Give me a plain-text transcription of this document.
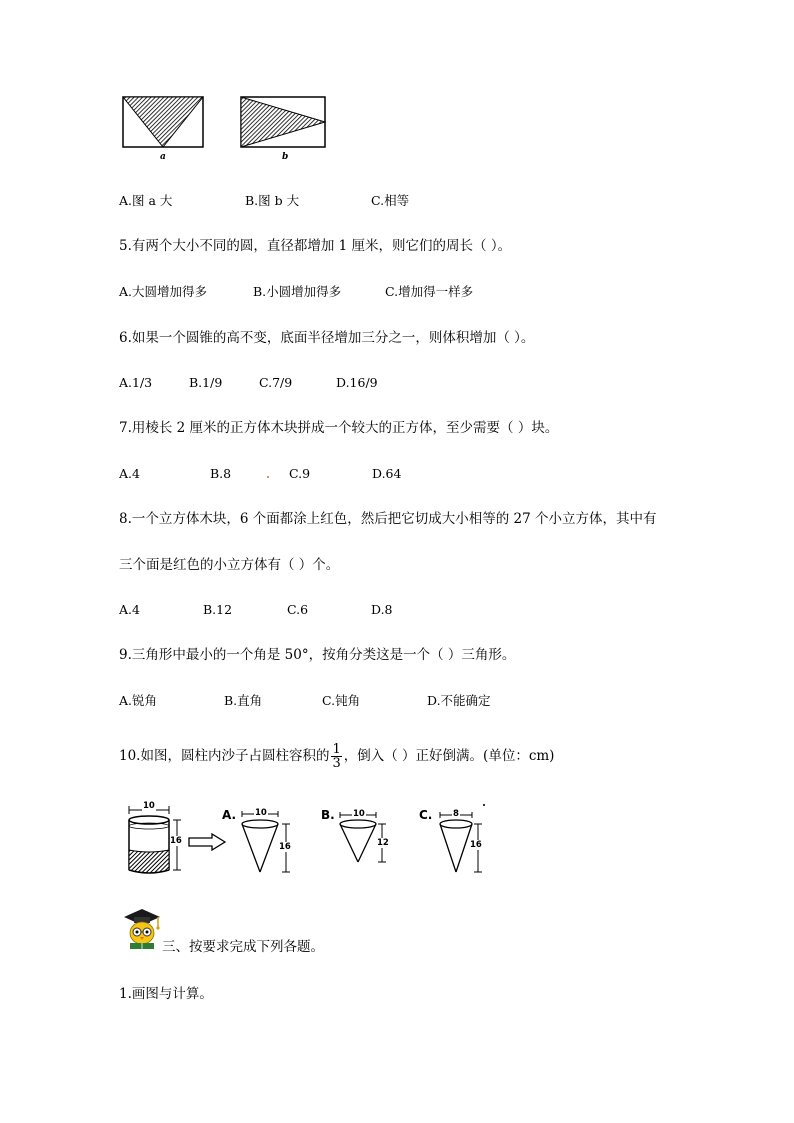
a	b
A.图 a 大	B.图 b 大	C.相等
5.有两个大小不同的圆，直径都增加 1 厘米，则它们的周长（ ）。
A.大圆增加得多	B.小圆增加得多	C.增加得一样多
6.如果一个圆锥的高不变，底面半径增加三分之一，则体积增加（ ）。
A.1/3	B.1/9	C.7/9	D.16/9
7.用棱长 2 厘米的正方体木块拼成一个较大的正方体，至少需要（ ）块。
A.4	B.8	C.9	D.64
8.一个立方体木块，6 个面都涂上红色，然后把它切成大小相等的 27 个小立方体，其中有
三个面是红色的小立方体有（ ）个。
A.4	B.12	C.6	D.8
9.三角形中最小的一个角是 50°，按角分类这是一个（ ）三角形。
A.锐角	B.直角	C.钝角	D.不能确定
10.如图，圆柱内沙子占圆柱容积的 $\frac{1}{3}$ ，倒入（ ）正好倒满。(单位：cm)
10
16
A. 10
16
B. 10
12
C. 8
16
三、按要求完成下列各题。
1.画图与计算。
